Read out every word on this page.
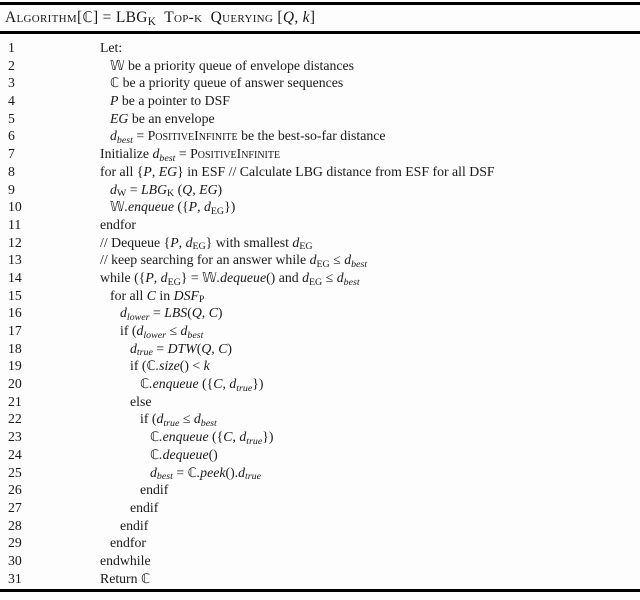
Algorithm[ℂ] = $LBG_K$  Top-k  Querying [Q, k]
1	Let:
2	𝕎 be a priority queue of envelope distances
3	ℂ be a priority queue of answer sequences
4	P be a pointer to DSF
5	EG be an envelope
6	$d_{best}$ = PositiveInfinite be the best-so-far distance
7	Initialize $d_{best}$ = PositiveInfinite
8	for all {P, EG} in ESF // Calculate LBG distance from ESF for all DSF
9	$d_W = LBG_K$ (Q, EG)
10	𝕎.enqueue ({P, $d_{EG}$})
11	endfor
12	// Dequeue {P, $d_{EG}$} with smallest $d_{EG}$
13	// keep searching for an answer while $d_{EG} \le d_{best}$
14	while ({P, $d_{EG}$} = 𝕎.dequeue() and $d_{EG} \le d_{best}$
15	for all C in $DSF_P$
16	$d_{lower} = LBS(Q$, C)
17	if ($d_{lower} \le d_{best}$
18	$d_{true} = DTW(Q$, C)
19	if (ℂ.size() < k
20	ℂ.enqueue ({C, $d_{true}$})
21	else
22	if ($d_{true} \le d_{best}$
23	ℂ.enqueue ({C, $d_{true}$})
24	ℂ.dequeue()
25	$d_{best}$ = $ℂ.peek().d_{true}$
26	endif
27	endif
28	endif
29	endfor
30	endwhile
31	Return ℂ
